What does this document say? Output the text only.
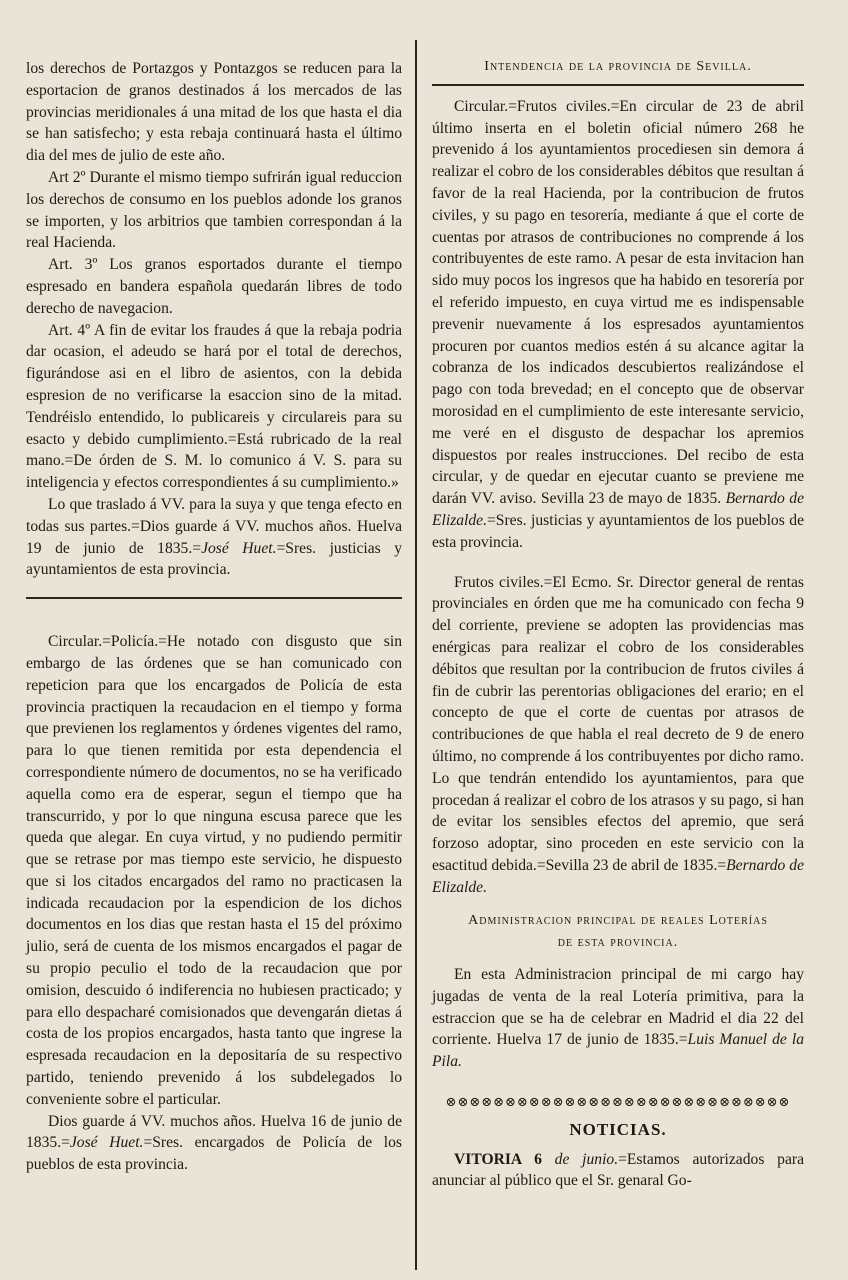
los derechos de Portazgos y Pontazgos se reducen para la esportacion de granos destinados á los mercados de las provincias meridionales á una mitad de los que hasta el dia se han satisfecho; y esta rebaja continuará hasta el último dia del mes de julio de este año.

Art 2º Durante el mismo tiempo sufrirán igual reduccion los derechos de consumo en los pueblos adonde los granos se importen, y los arbitrios que tambien correspondan á la real Hacienda.

Art. 3º Los granos esportados durante el tiempo espresado en bandera española quedarán libres de todo derecho de navegacion.

Art. 4º A fin de evitar los fraudes á que la rebaja podria dar ocasion, el adeudo se hará por el total de derechos, figurándose asi en el libro de asientos, con la debida espresion de no verificarse la esaccion sino de la mitad. Tendréislo entendido, lo publicareis y circulareis para su esacto y debido cumplimiento.=Está rubricado de la real mano.=De órden de S. M. lo comunico á V. S. para su inteligencia y efectos correspondientes á su cumplimiento.»

Lo que traslado á VV. para la suya y que tenga efecto en todas sus partes.=Dios guarde á VV. muchos años. Huelva 19 de junio de 1835.=José Huet.=Sres. justicias y ayuntamientos de esta provincia.

Circular.=Policía.=He notado con disgusto que sin embargo de las órdenes que se han comunicado con repeticion para que los encargados de Policía de esta provincia practiquen la recaudacion en el tiempo y forma que previenen los reglamentos y órdenes vigentes del ramo, para lo que tienen remitida por esta dependencia el correspondiente número de documentos, no se ha verificado aquella como era de esperar, segun el tiempo que ha transcurrido, y por lo que ninguna escusa parece que les queda que alegar. En cuya virtud, y no pudiendo permitir que se retrase por mas tiempo este servicio, he dispuesto que si los citados encargados del ramo no practicasen la indicada recaudacion por la espendicion de los dichos documentos en los dias que restan hasta el 15 del próximo julio, será de cuenta de los mismos encargados el pagar de su propio peculio el todo de la recaudacion que por omision, descuido ó indiferencia no hubiesen practicado; y para ello despacharé comisionados que devengarán dietas á costa de los propios encargados, hasta tanto que ingrese la espresada recaudacion en la depositaría de su respectivo partido, teniendo prevenido á los subdelegados lo conveniente sobre el particular.

Dios guarde á VV. muchos años. Huelva 16 de junio de 1835.=José Huet.=Sres. encargados de Policía de los pueblos de esta provincia.

Intendencia de la provincia de Sevilla.

Circular.=Frutos civiles.=En circular de 23 de abril último inserta en el boletin oficial número 268 he prevenido á los ayuntamientos procediesen sin demora á realizar el cobro de los considerables débitos que resultan á favor de la real Hacienda, por la contribucion de frutos civiles, y su pago en tesorería, mediante á que el corte de cuentas por atrasos de contribuciones no comprende á los contribuyentes de este ramo. A pesar de esta invitacion han sido muy pocos los ingresos que ha habido en tesorería por el referido impuesto, en cuya virtud me es indispensable prevenir nuevamente á los espresados ayuntamientos procuren por cuantos medios estén á su alcance agitar la cobranza de los indicados descubiertos realizándose el pago con toda brevedad; en el concepto que de observar morosidad en el cumplimiento de este interesante servicio, me veré en el disgusto de despachar los apremios dispuestos por reales instrucciones. Del recibo de esta circular, y de quedar en ejecutar cuanto se previene me darán VV. aviso. Sevilla 23 de mayo de 1835. Bernardo de Elizalde.=Sres. justicias y ayuntamientos de los pueblos de esta provincia.

Frutos civiles.=El Ecmo. Sr. Director general de rentas provinciales en órden que me ha comunicado con fecha 9 del corriente, previene se adopten las providencias mas enérgicas para realizar el cobro de los considerables débitos que resultan por la contribucion de frutos civiles á fin de cubrir las perentorias obligaciones del erario; en el concepto de que el corte de cuentas por atrasos de contribuciones de que habla el real decreto de 9 de enero último, no comprende á los contribuyentes por dicho ramo. Lo que tendrán entendido los ayuntamientos, para que procedan á realizar el cobro de los atrasos y su pago, si han de evitar los sensibles efectos del apremio, que será forzoso adoptar, sino proceden en este servicio con la esactitud debida.=Sevilla 23 de abril de 1835.=Bernardo de Elizalde.

Administracion principal de reales Loterías

de esta provincia.

En esta Administracion principal de mi cargo hay jugadas de venta de la real Lotería primitiva, para la estraccion que se ha de celebrar en Madrid el dia 22 del corriente. Huelva 17 de junio de 1835.=Luis Manuel de la Pila.

⊗⊗⊗⊗⊗⊗⊗⊗⊗⊗⊗⊗⊗⊗⊗⊗⊗⊗⊗⊗⊗⊗⊗⊗⊗⊗⊗⊗⊗

NOTICIAS.

VITORIA 6 de junio.=Estamos autorizados para anunciar al público que el Sr. genaral Go-
